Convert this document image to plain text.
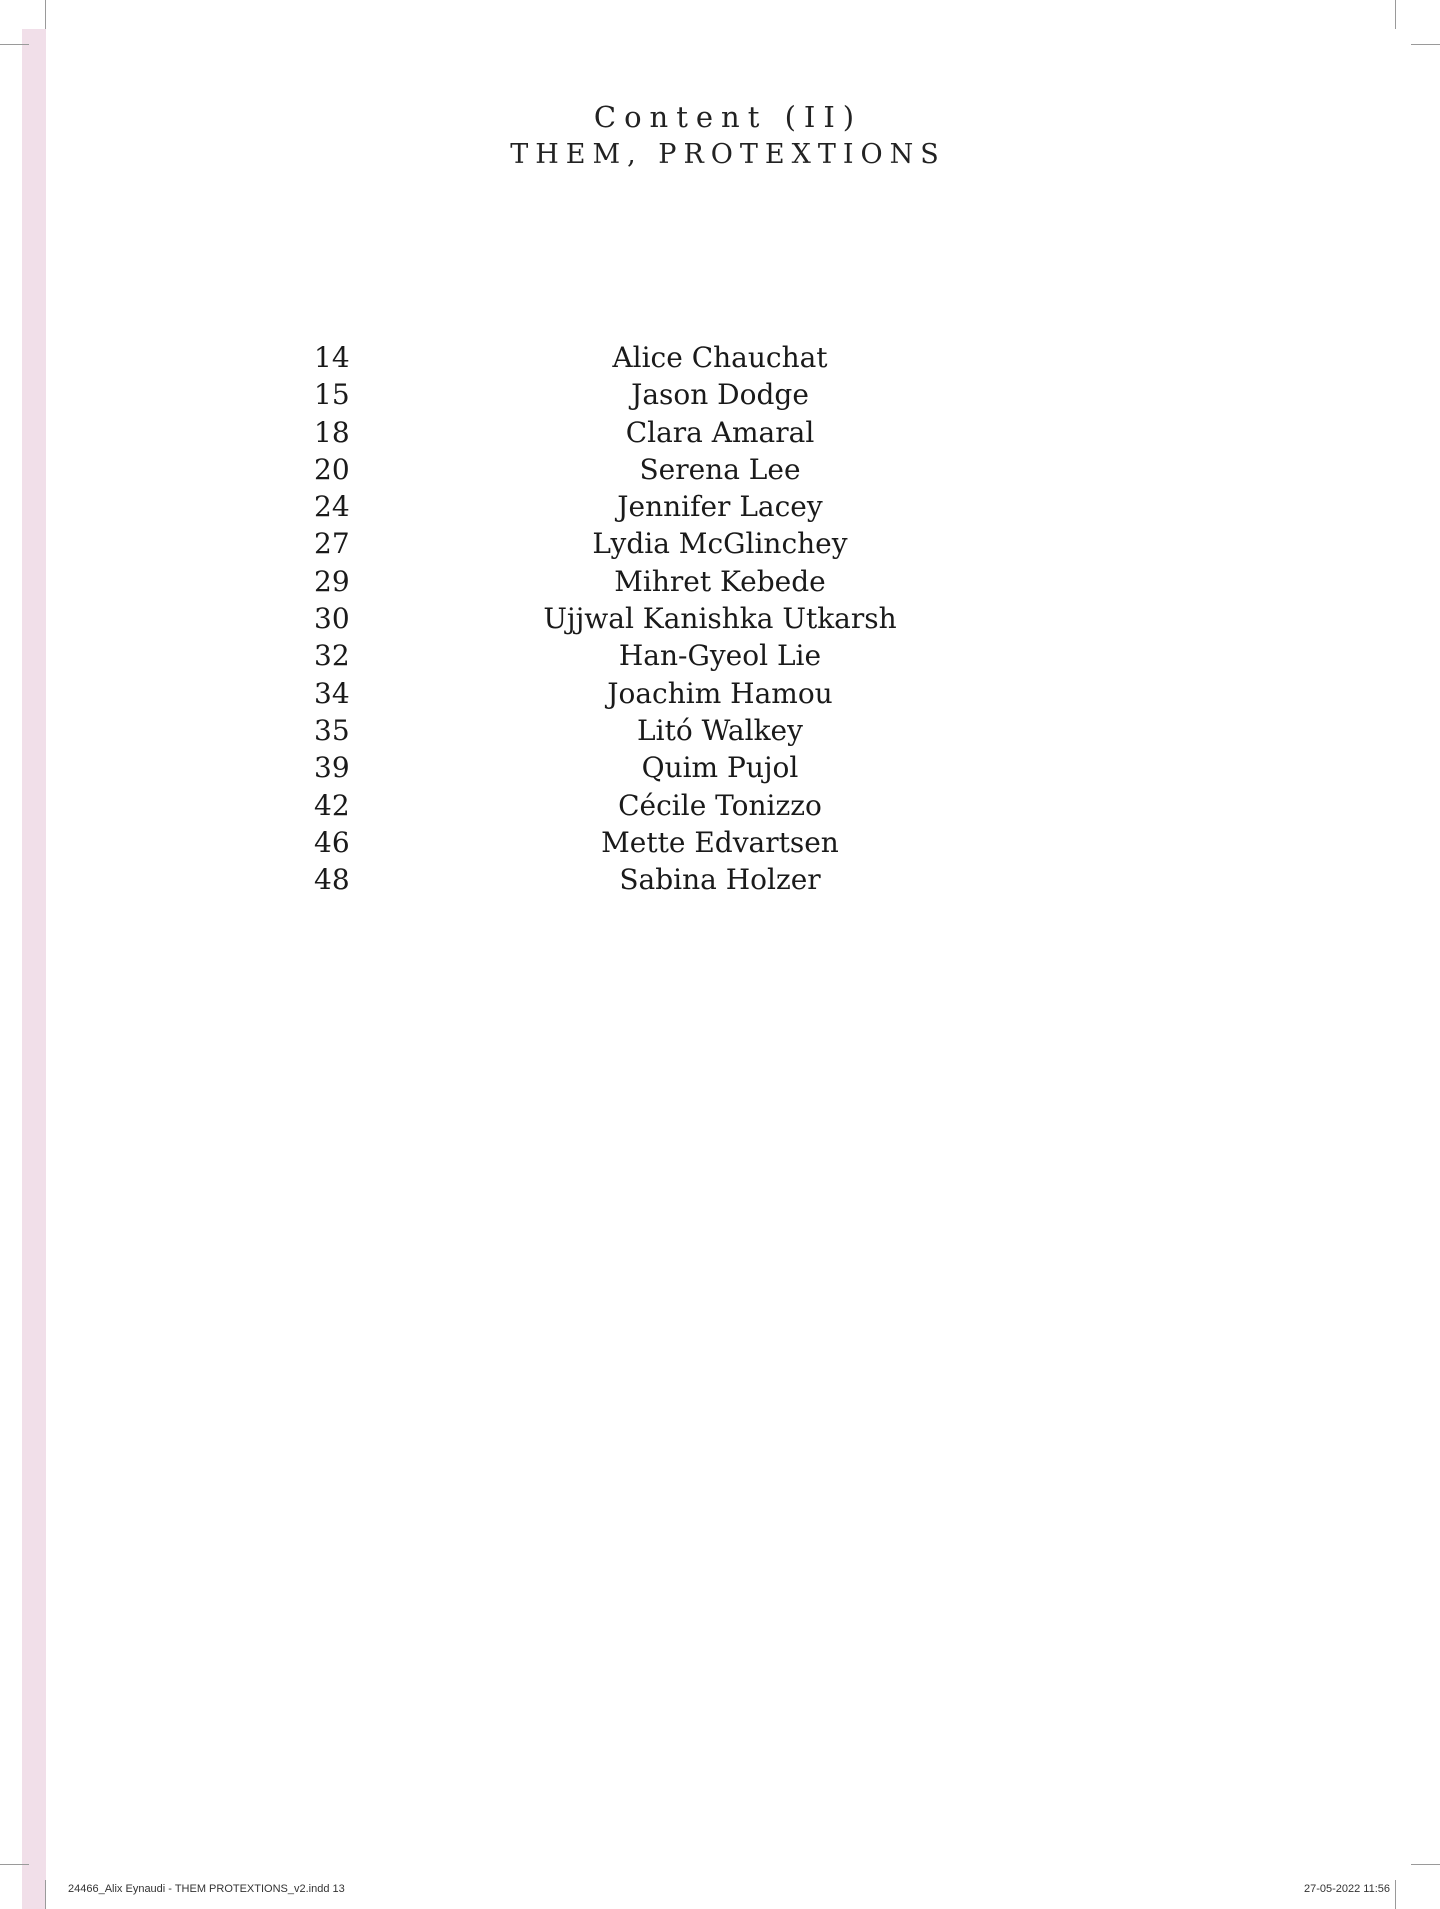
Content (II)
THEM, PROTEXTIONS
14	Alice Chauchat
15	Jason Dodge
18	Clara Amaral
20	Serena Lee
24	Jennifer Lacey
27	Lydia McGlinchey
29	Mihret Kebede
30	Ujjwal Kanishka Utkarsh
32	Han-Gyeol Lie
34	Joachim Hamou
35	Litó Walkey
39	Quim Pujol
42	Cécile Tonizzo
46	Mette Edvartsen
48	Sabina Holzer
24466_Alix Eynaudi - THEM PROTEXTIONS_v2.indd 13	27-05-2022 11:56
